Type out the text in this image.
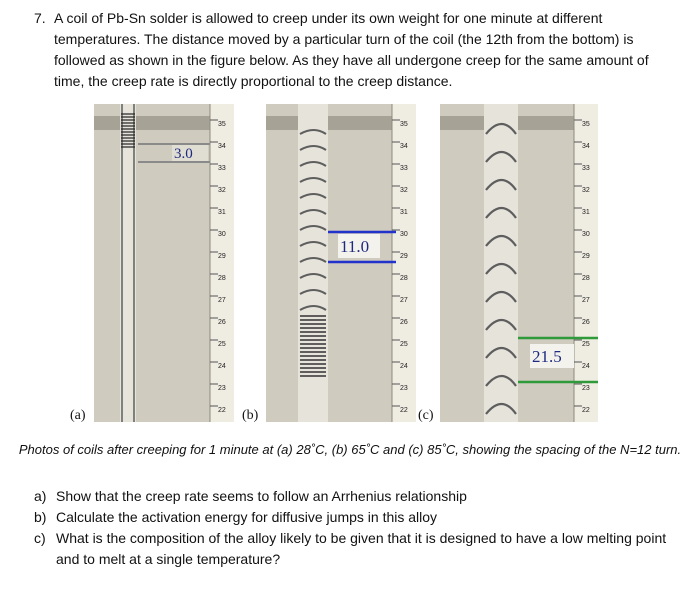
7. A coil of Pb-Sn solder is allowed to creep under its own weight for one minute at different temperatures. The distance moved by a particular turn of the coil (the 12th from the bottom) is followed as shown in the figure below. As they have all undergone creep for the same amount of time, the creep rate is directly proportional to the creep distance.
3.0
35
34
33
32
31
30
29
28
27
26
25
24
23
22
11.0
35
34
33
32
31
30
29
28
27
26
25
24
23
22
21.5
35
34
33
32
31
30
29
28
27
26
25
24
23
22
(a)	(b)	(c)
Photos of coils after creeping for 1 minute at (a) 28˚C, (b) 65˚C and (c) 85˚C, showing the spacing of the N=12 turn.
a) Show that the creep rate seems to follow an Arrhenius relationship
b) Calculate the activation energy for diffusive jumps in this alloy
c) What is the composition of the alloy likely to be given that it is designed to have a low melting point and to melt at a single temperature?
